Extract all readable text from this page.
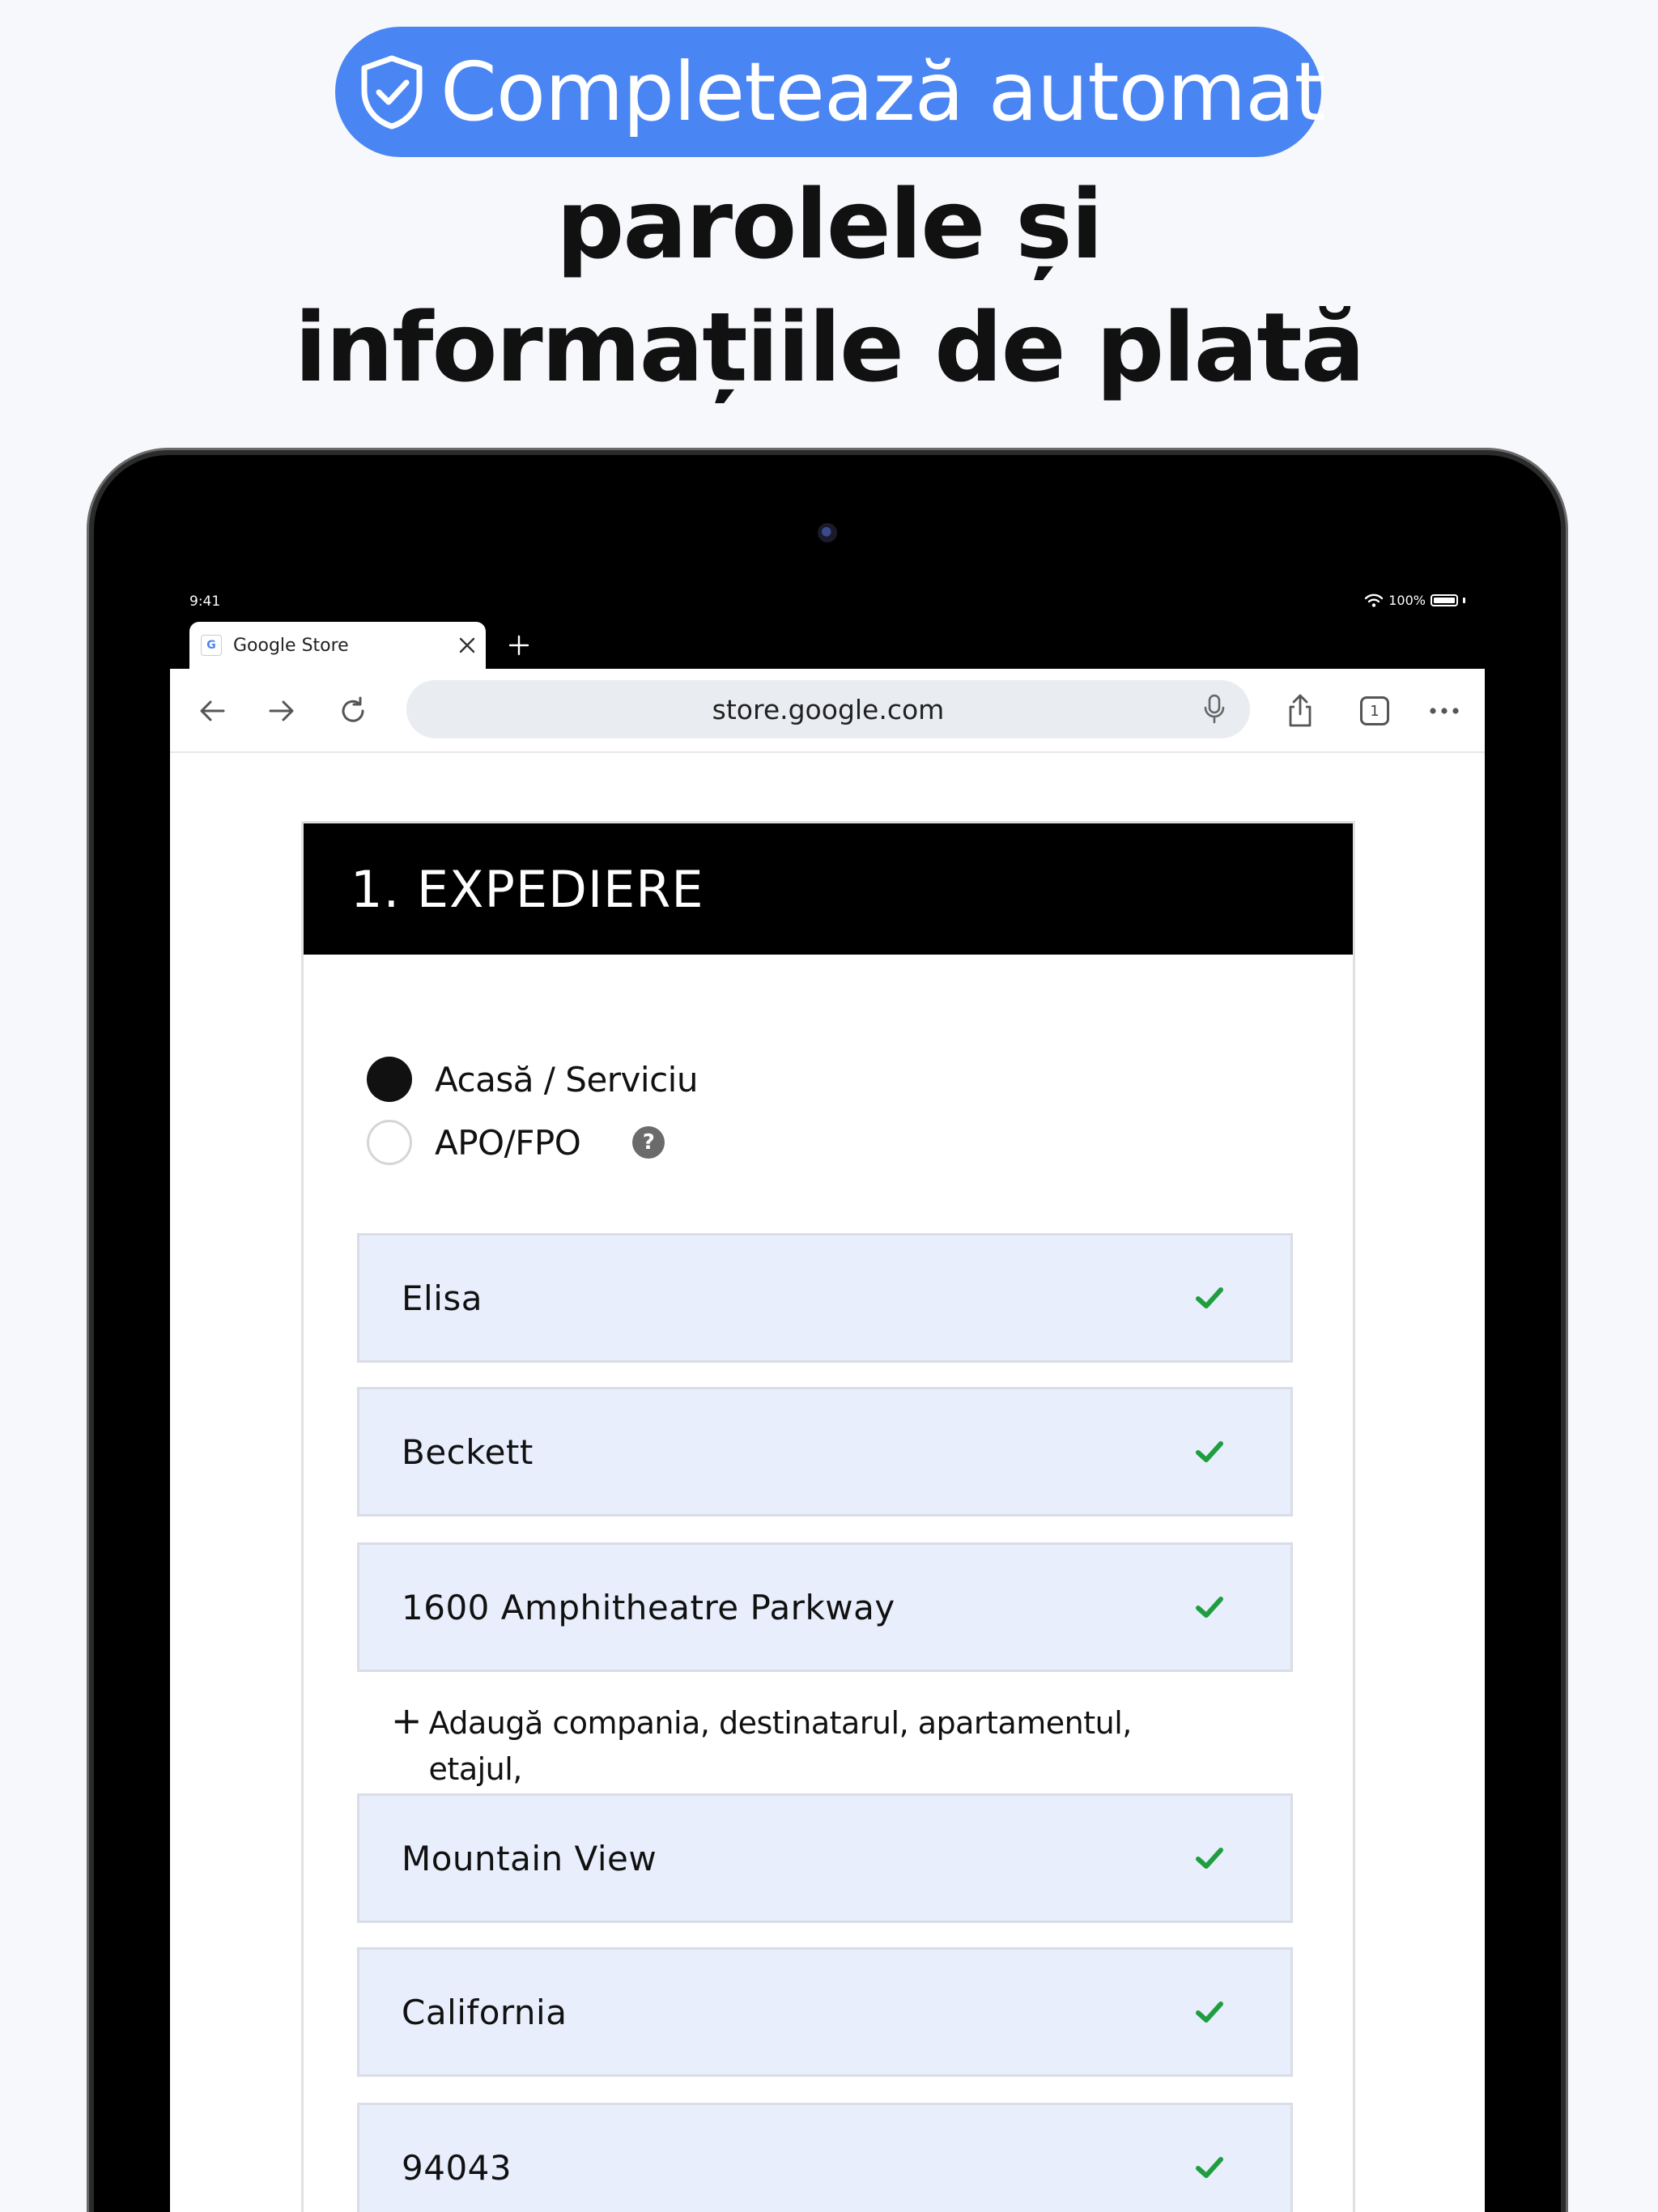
Completează automat
parolele și
informațiile de plată
9:41	100%
G Google Store
store.google.com	1
1. EXPEDIERE
Acasă / Serviciu
APO/FPO	?
Elisa
Beckett
1600 Amphitheatre Parkway
+ Adaugă compania, destinatarul, apartamentul, etajul,
Mountain View
California
94043
